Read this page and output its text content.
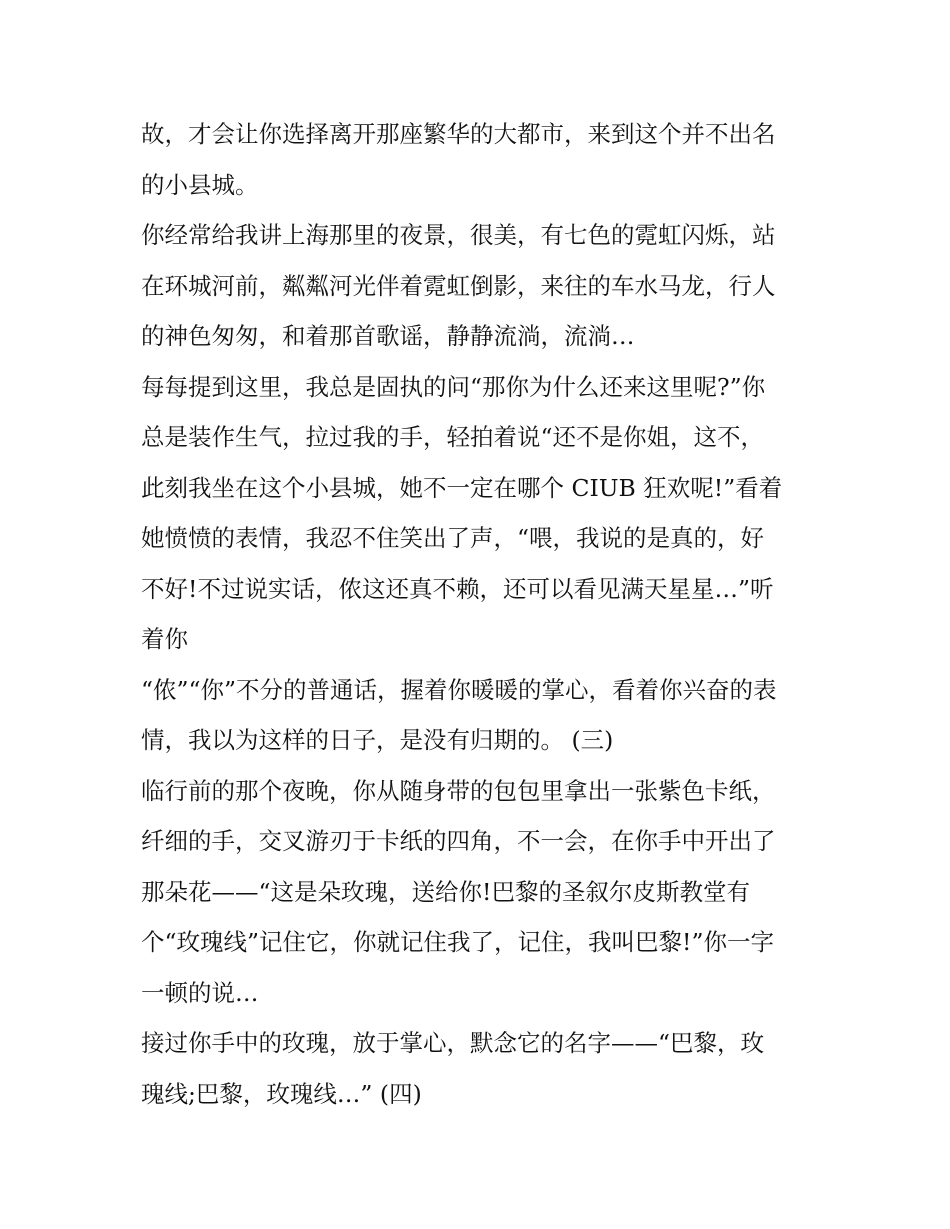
故，才会让你选择离开那座繁华的大都市，来到这个并不出名
的小县城。
你经常给我讲上海那里的夜景，很美，有七色的霓虹闪烁，站
在环城河前，粼粼河光伴着霓虹倒影，来往的车水马龙，行人
的神色匆匆，和着那首歌谣，静静流淌，流淌…
每每提到这里，我总是固执的问“那你为什么还来这里呢?”你
总是装作生气，拉过我的手，轻拍着说“还不是你姐，这不，
此刻我坐在这个小县城，她不一定在哪个 CIUB 狂欢呢!”看着
她愤愤的表情，我忍不住笑出了声，“喂，我说的是真的，好
不好!不过说实话，侬这还真不赖，还可以看见满天星星…”听
着你
“侬”“你”不分的普通话，握着你暖暖的掌心，看着你兴奋的表
情，我以为这样的日子，是没有归期的。 (三)
临行前的那个夜晚，你从随身带的包包里拿出一张紫色卡纸，
纤细的手，交叉游刃于卡纸的四角，不一会，在你手中开出了
那朵花——“这是朵玫瑰，送给你!巴黎的圣叙尔皮斯教堂有
个“玫瑰线”记住它，你就记住我了，记住，我叫巴黎!”你一字
一顿的说…
接过你手中的玫瑰，放于掌心，默念它的名字——“巴黎，玫
瑰线;巴黎，玫瑰线…” (四)
